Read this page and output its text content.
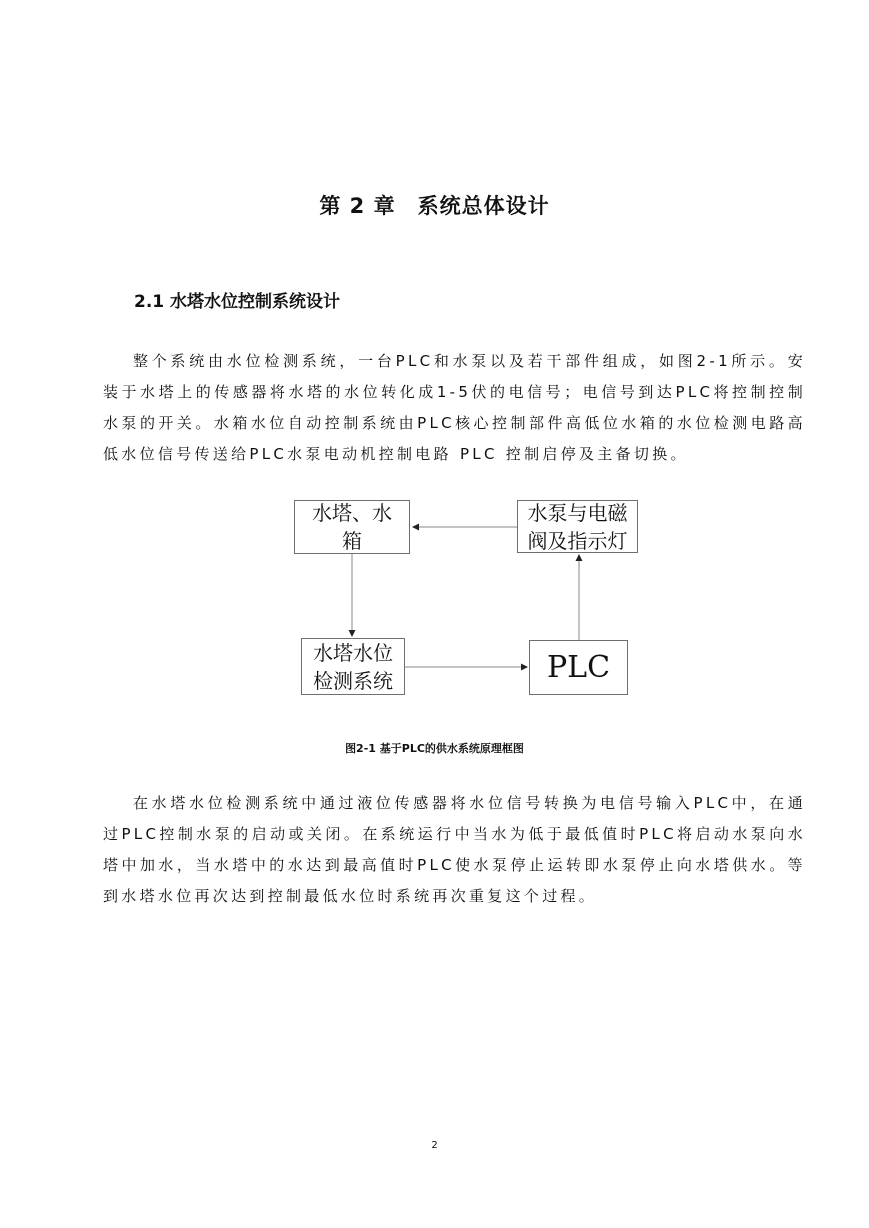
第 2 章　系统总体设计
2.1 水塔水位控制系统设计

整个系统由水位检测系统，一台PLC和水泵以及若干部件组成，如图2-1所示。安装于水塔上的传感器将水塔的水位转化成1-5伏的电信号；电信号到达PLC将控制控制水泵的开关。水箱水位自动控制系统由PLC核心控制部件高低位水箱的水位检测电路高低水位信号传送给PLC水泵电动机控制电路 PLC 控制启停及主备切换。

水塔、水
箱
水泵与电磁
阀及指示灯
水塔水位
检测系统	PLC
图2-1 基于PLC的供水系统原理框图

在水塔水位检测系统中通过液位传感器将水位信号转换为电信号输入PLC中，在通过PLC控制水泵的启动或关闭。在系统运行中当水为低于最低值时PLC将启动水泵向水塔中加水，当水塔中的水达到最高值时PLC使水泵停止运转即水泵停止向水塔供水。等到水塔水位再次达到控制最低水位时系统再次重复这个过程。

2
